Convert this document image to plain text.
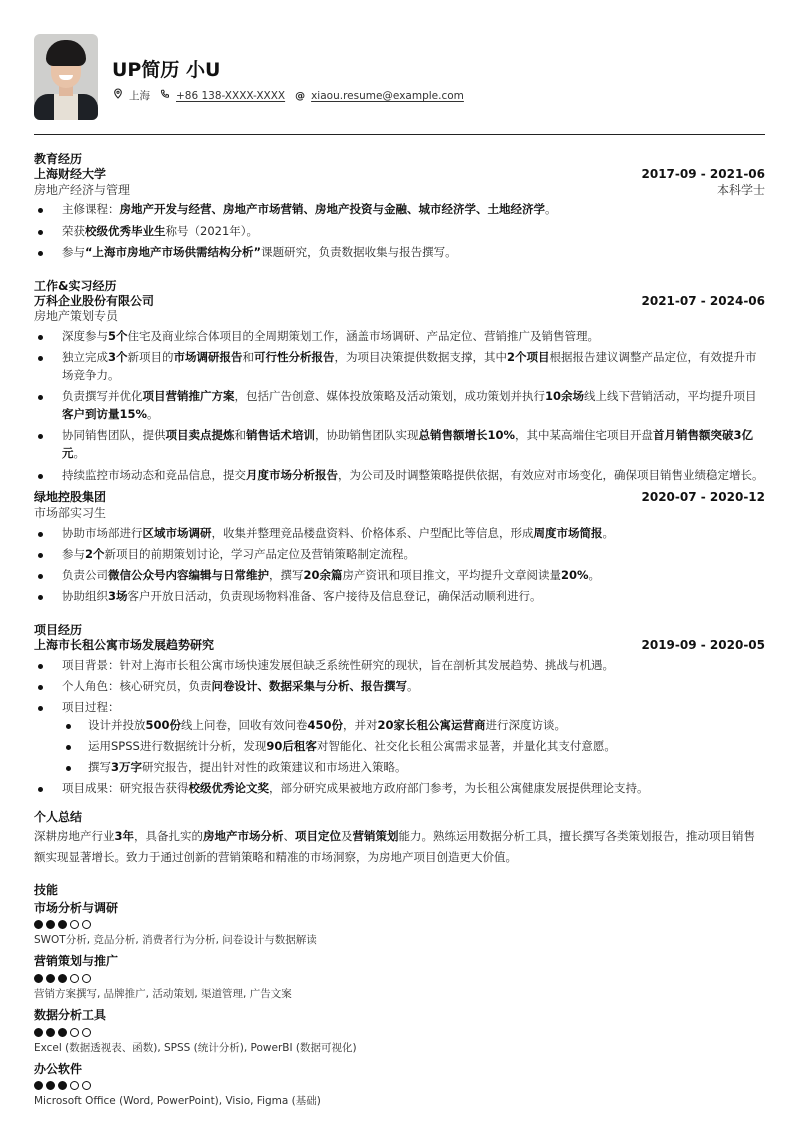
UP简历 小U
上海 +86 138-XXXX-XXXX @ xiaou.resume@example.com
教育经历
上海财经大学	2017-09 - 2021-06
房地产经济与管理	本科学士
主修课程：房地产开发与经营、房地产市场营销、房地产投资与金融、城市经济学、土地经济学。
荣获校级优秀毕业生称号（2021年）。
参与“上海市房地产市场供需结构分析”课题研究，负责数据收集与报告撰写。
工作&实习经历
万科企业股份有限公司	2021-07 - 2024-06
房地产策划专员
深度参与5个住宅及商业综合体项目的全周期策划工作，涵盖市场调研、产品定位、营销推广及销售管理。
独立完成3个新项目的市场调研报告和可行性分析报告，为项目决策提供数据支撑，其中2个项目根据报告建议调整产品定位，有效提升市场竞争力。
负责撰写并优化项目营销推广方案，包括广告创意、媒体投放策略及活动策划，成功策划并执行10余场线上线下营销活动，平均提升项目客户到访量15%。
协同销售团队，提供项目卖点提炼和销售话术培训，协助销售团队实现总销售额增长10%，其中某高端住宅项目开盘首月销售额突破3亿元。
持续监控市场动态和竞品信息，提交月度市场分析报告，为公司及时调整策略提供依据，有效应对市场变化，确保项目销售业绩稳定增长。
绿地控股集团	2020-07 - 2020-12
市场部实习生
协助市场部进行区域市场调研，收集并整理竞品楼盘资料、价格体系、户型配比等信息，形成周度市场简报。
参与2个新项目的前期策划讨论，学习产品定位及营销策略制定流程。
负责公司微信公众号内容编辑与日常维护，撰写20余篇房产资讯和项目推文，平均提升文章阅读量20%。
协助组织3场客户开放日活动，负责现场物料准备、客户接待及信息登记，确保活动顺利进行。
项目经历
上海市长租公寓市场发展趋势研究	2019-09 - 2020-05
项目背景：针对上海市长租公寓市场快速发展但缺乏系统性研究的现状，旨在剖析其发展趋势、挑战与机遇。
个人角色：核心研究员，负责问卷设计、数据采集与分析、报告撰写。
项目过程：
设计并投放500份线上问卷，回收有效问卷450份，并对20家长租公寓运营商进行深度访谈。
运用SPSS进行数据统计分析，发现90后租客对智能化、社交化长租公寓需求显著，并量化其支付意愿。
撰写3万字研究报告，提出针对性的政策建议和市场进入策略。
项目成果：研究报告获得校级优秀论文奖，部分研究成果被地方政府部门参考，为长租公寓健康发展提供理论支持。
个人总结
深耕房地产行业3年，具备扎实的房地产市场分析、项目定位及营销策划能力。熟练运用数据分析工具，擅长撰写各类策划报告，推动项目销售额实现显著增长。致力于通过创新的营销策略和精准的市场洞察，为房地产项目创造更大价值。
技能
市场分析与调研
SWOT分析, 竞品分析, 消费者行为分析, 问卷设计与数据解读
营销策划与推广
营销方案撰写, 品牌推广, 活动策划, 渠道管理, 广告文案
数据分析工具
Excel (数据透视表、函数), SPSS (统计分析), PowerBI (数据可视化)
办公软件
Microsoft Office (Word, PowerPoint), Visio, Figma (基础)
